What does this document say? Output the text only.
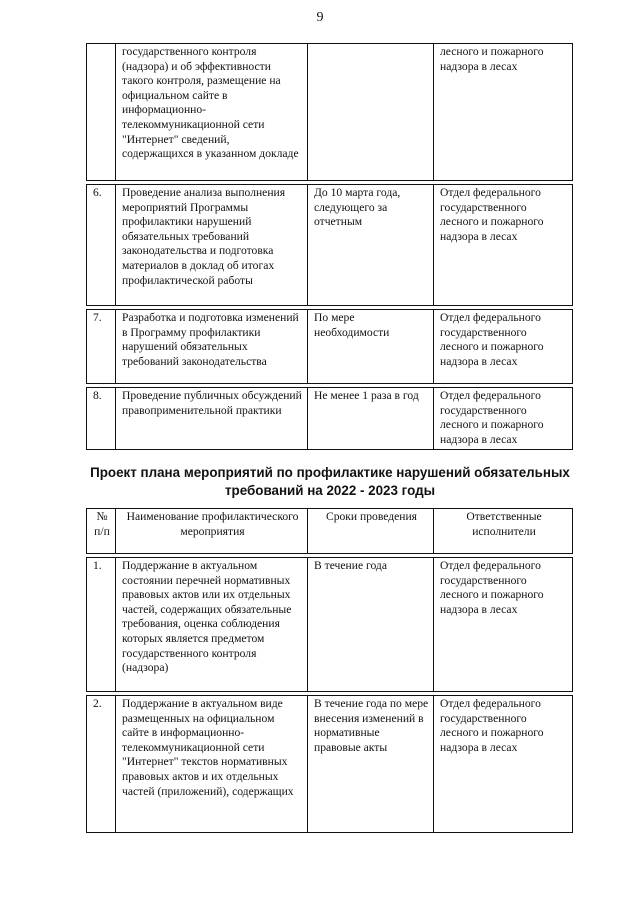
9
	государственного контроля (надзора) и об эффективности такого контроля, размещение на официальном сайте в информационно-телекоммуникационной сети "Интернет" сведений, содержащихся в указанном докладе		лесного и пожарного надзора в лесах
6.	Проведение анализа выполнения мероприятий Программы профилактики нарушений обязательных требований законодательства и подготовка материалов в доклад об итогах профилактической работы	До 10 марта года, следующего за отчетным	Отдел федерального государственного лесного и пожарного надзора в лесах
7.	Разработка и подготовка изменений в Программу профилактики нарушений обязательных требований законодательства	По мере необходимости	Отдел федерального государственного лесного и пожарного надзора в лесах
8.	Проведение публичных обсуждений правоприменительной практики	Не менее 1 раза в год	Отдел федерального государственного лесного и пожарного надзора в лесах
Проект плана мероприятий по профилактике нарушений обязательных требований на 2022 - 2023 годы
№ п/п	Наименование профилактического мероприятия	Сроки проведения	Ответственные исполнители
1.	Поддержание в актуальном состоянии перечней нормативных правовых актов или их отдельных частей, содержащих обязательные требования, оценка соблюдения которых является предметом государственного контроля (надзора)	В течение года	Отдел федерального государственного лесного и пожарного надзора в лесах
2.	Поддержание в актуальном виде размещенных на официальном сайте в информационно-телекоммуникационной сети "Интернет" текстов нормативных правовых актов и их отдельных частей (приложений), содержащих	В течение года по мере внесения изменений в нормативные правовые акты	Отдел федерального государственного лесного и пожарного надзора в лесах
